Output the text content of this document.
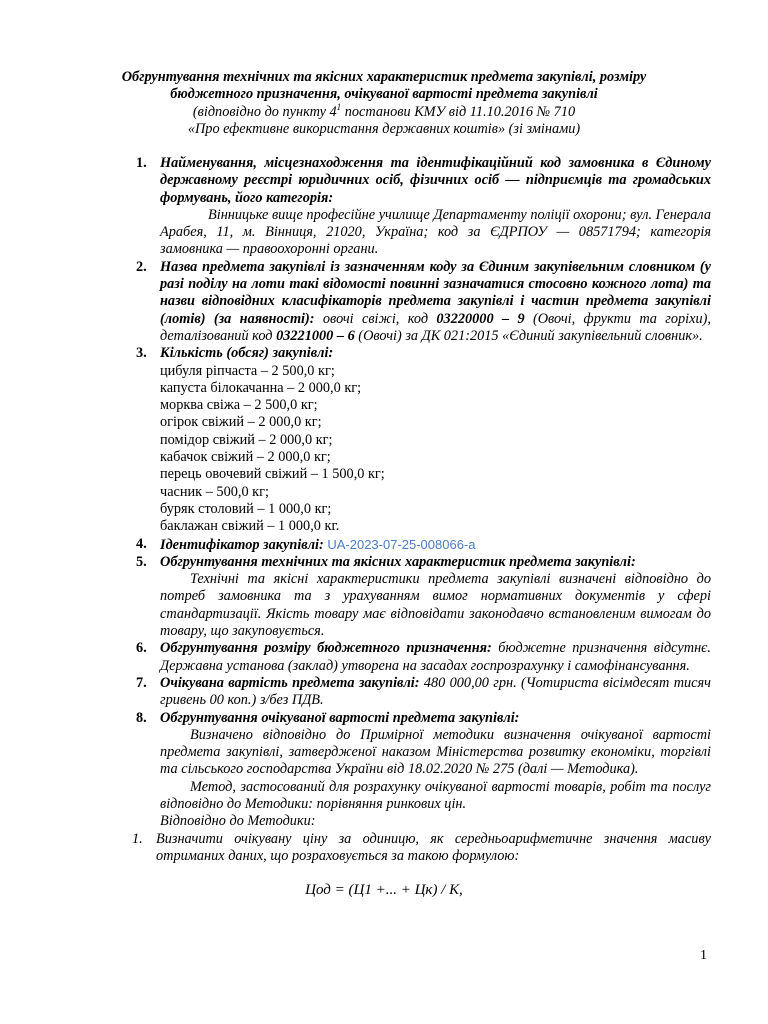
Обгрунтування технічних та якісних характеристик предмета закупівлі, розміру
бюджетного призначення, очікуваної вартості предмета закупівлі
(відповідно до пункту $4^1$ постанови КМУ від 11.10.2016 № 710
«Про ефективне використання державних коштів» (зі змінами)
1. Найменування, місцезнаходження та ідентифікаційний код замовника в Єдиному державному реєстрі юридичних осіб, фізичних осіб — підприємців та громадських формувань, його категорія:
Вінницьке вище професійне училище Департаменту поліції охорони; вул. Генерала Арабея, 11, м. Вінниця, 21020, Україна; код за ЄДРПОУ — 08571794; категорія замовника — правоохоронні органи.
2. Назва предмета закупівлі із зазначенням коду за Єдиним закупівельним словником (у разі поділу на лоти такі відомості повинні зазначатися стосовно кожного лота) та назви відповідних класифікаторів предмета закупівлі і частин предмета закупівлі (лотів) (за наявності): овочі свіжі, код 03220000 – 9 (Овочі, фрукти та горіхи), деталізований код 03221000 – 6 (Овочі) за ДК 021:2015 «Єдиний закупівельний словник».
3. Кількість (обсяг) закупівлі:
цибуля ріпчаста – 2 500,0 кг;
капуста білокачанна – 2 000,0 кг;
морква свіжа – 2 500,0 кг;
огірок свіжий – 2 000,0 кг;
помідор свіжий – 2 000,0 кг;
кабачок свіжий – 2 000,0 кг;
перець овочевий свіжий – 1 500,0 кг;
часник – 500,0 кг;
буряк столовий – 1 000,0 кг;
баклажан свіжий – 1 000,0 кг.
4. Ідентифікатор закупівлі: UA-2023-07-25-008066-a
5. Обгрунтування технічних та якісних характеристик предмета закупівлі:
Технічні та якісні характеристики предмета закупівлі визначені відповідно до потреб замовника та з урахуванням вимог нормативних документів у сфері стандартизації. Якість товару має відповідати законодавчо встановленим вимогам до товару, що закуповується.
6. Обгрунтування розміру бюджетного призначення: бюджетне призначення відсутнє. Державна установа (заклад) утворена на засадах госпрозрахунку і самофінансування.
7. Очікувана вартість предмета закупівлі: 480 000,00 грн. (Чотириста вісімдесят тисяч гривень 00 коп.) з/без ПДВ.
8. Обгрунтування очікуваної вартості предмета закупівлі:
Визначено відповідно до Примірної методики визначення очікуваної вартості предмета закупівлі, затвердженої наказом Міністерства розвитку економіки, торгівлі та сільського господарства України від 18.02.2020 № 275 (далі — Методика).
Метод, застосований для розрахунку очікуваної вартості товарів, робіт та послуг відповідно до Методики: порівняння ринкових цін.
Відповідно до Методики:
1. Визначити очікувану ціну за одиницю, як середньоарифметичне значення масиву отриманих даних, що розраховується за такою формулою:
Цод = (Ц1 +... + Цк) / К,
1
